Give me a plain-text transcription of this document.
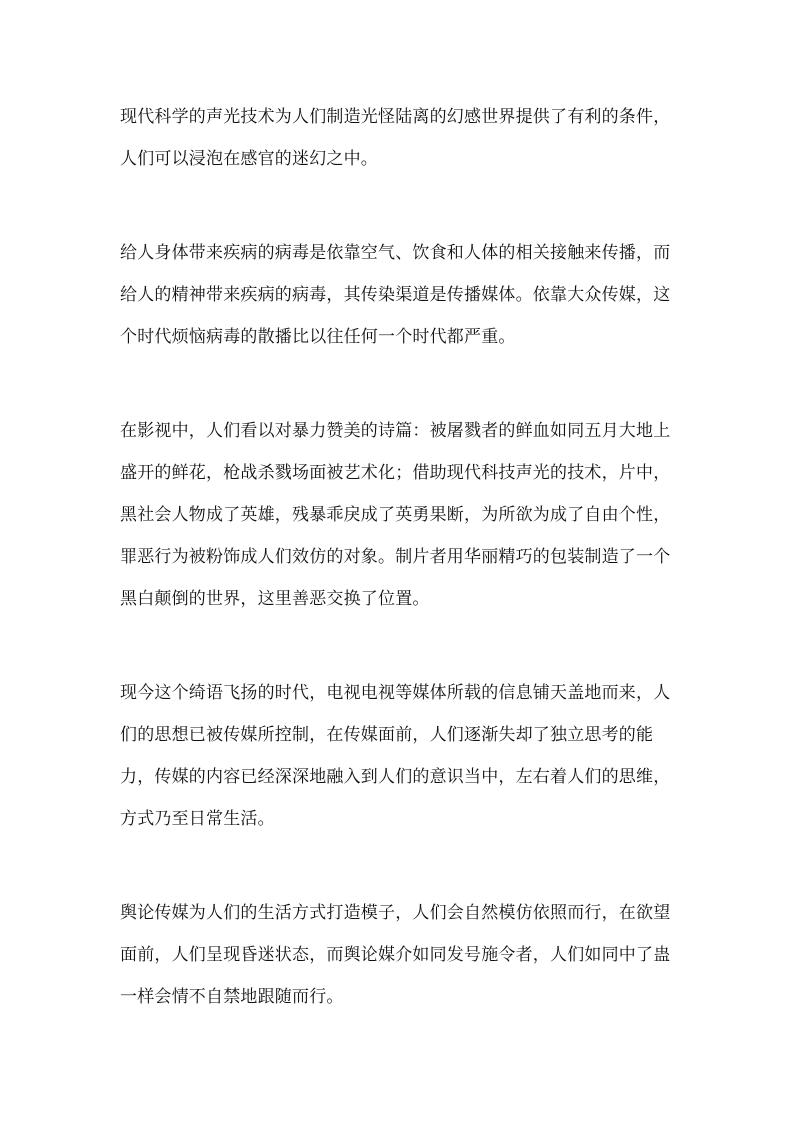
现代科学的声光技术为人们制造光怪陆离的幻感世界提供了有利的条件，人们可以浸泡在感官的迷幻之中。

给人身体带来疾病的病毒是依靠空气、饮食和人体的相关接触来传播，而给人的精神带来疾病的病毒，其传染渠道是传播媒体。依靠大众传媒，这个时代烦恼病毒的散播比以往任何一个时代都严重。

在影视中，人们看以对暴力赞美的诗篇：被屠戮者的鲜血如同五月大地上盛开的鲜花，枪战杀戮场面被艺术化；借助现代科技声光的技术，片中，黑社会人物成了英雄，残暴乖戾成了英勇果断，为所欲为成了自由个性，罪恶行为被粉饰成人们效仿的对象。制片者用华丽精巧的包装制造了一个黑白颠倒的世界，这里善恶交换了位置。

现今这个绮语飞扬的时代，电视电视等媒体所载的信息铺天盖地而来，人们的思想已被传媒所控制，在传媒面前，人们逐渐失却了独立思考的能力，传媒的内容已经深深地融入到人们的意识当中，左右着人们的思维，方式乃至日常生活。

舆论传媒为人们的生活方式打造模子，人们会自然模仿依照而行，在欲望面前，人们呈现昏迷状态，而舆论媒介如同发号施令者，人们如同中了蛊一样会情不自禁地跟随而行。
